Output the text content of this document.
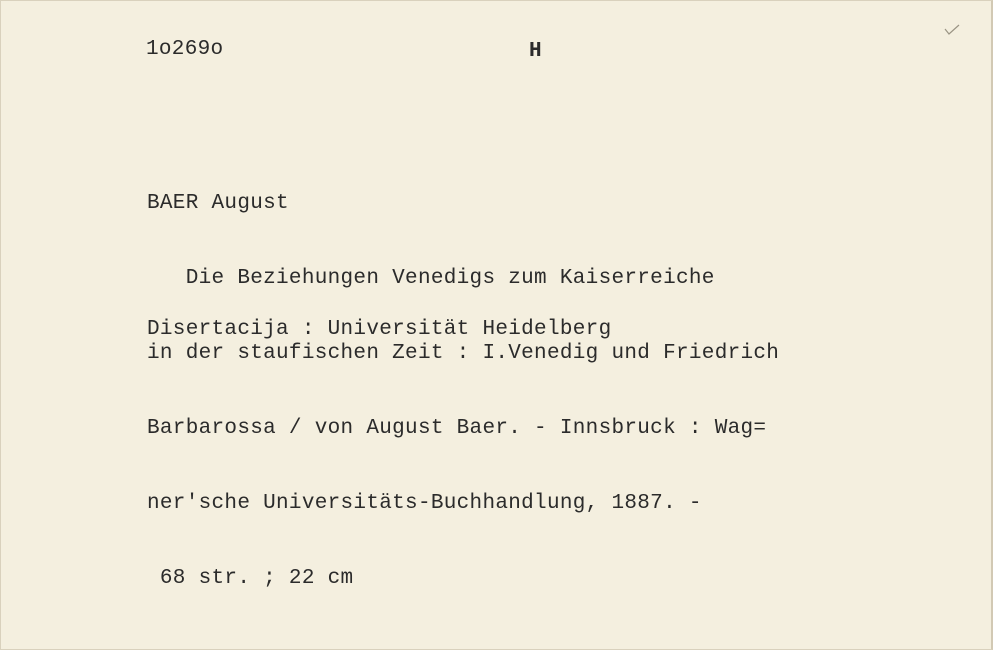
1o269o	H

BAER August

Die Beziehungen Venedigs zum Kaiserreiche

in der staufischen Zeit : I.Venedig und Friedrich

Barbarossa / von August Baer. - Innsbruck : Wag=

ner'sche Universitäts-Buchhandlung, 1887. -

68 str. ; 22 cm

Disertacija : Universität Heidelberg
